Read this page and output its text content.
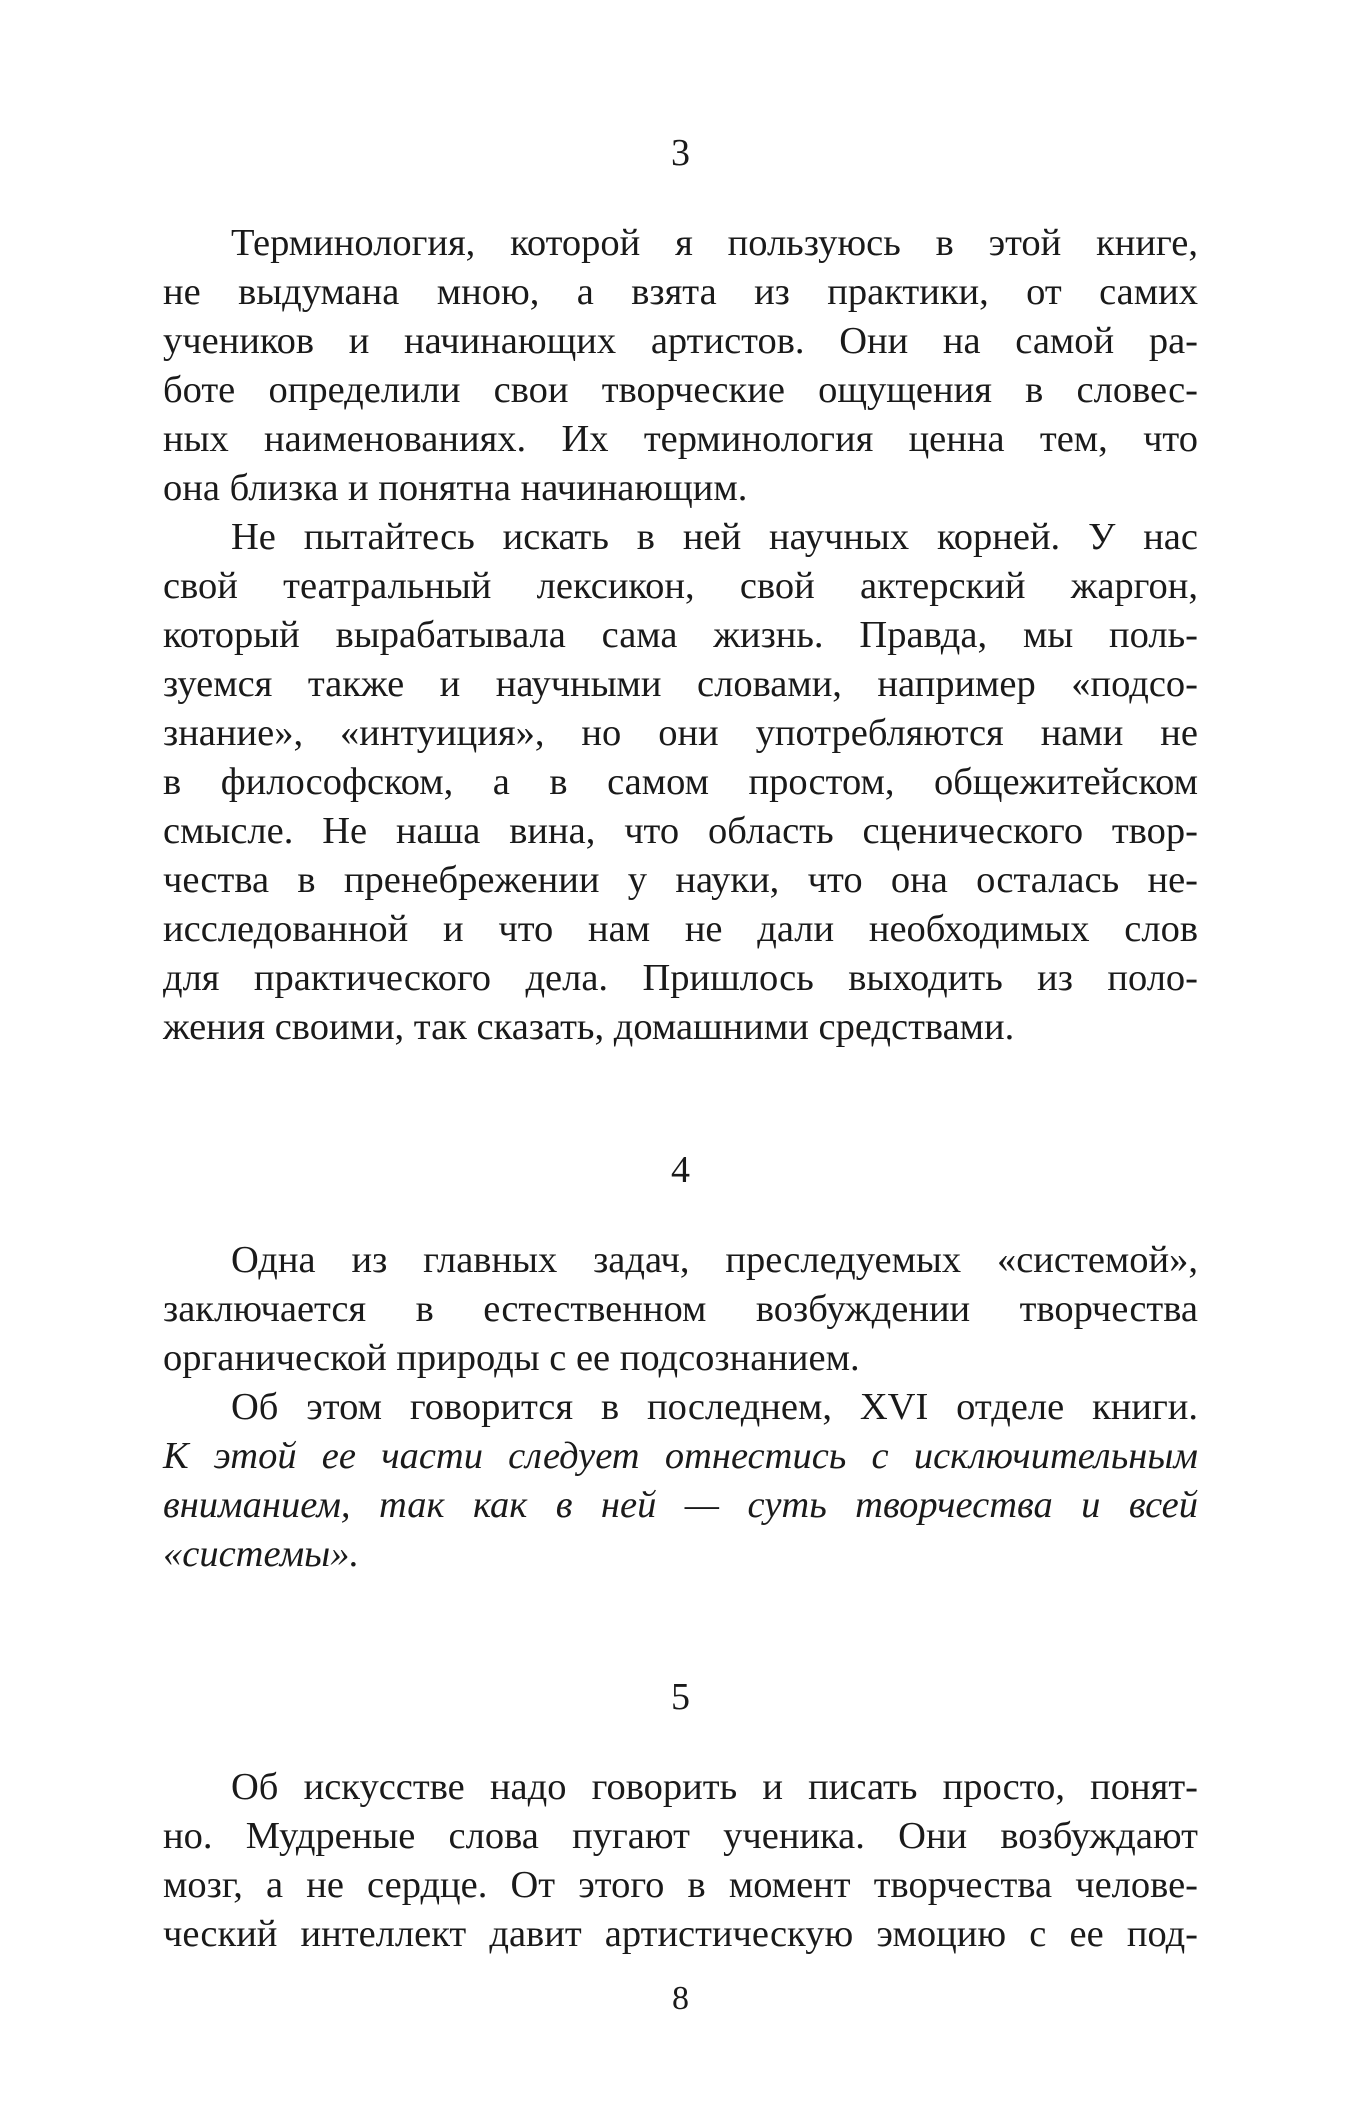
3
Терминология, которой я пользуюсь в этой книге,
не выдумана мною, а взята из практики, от самих
учеников и начинающих артистов. Они на самой ра-
боте определили свои творческие ощущения в словес-
ных наименованиях. Их терминология ценна тем, что
она близка и понятна начинающим.
Не пытайтесь искать в ней научных корней. У нас
свой театральный лексикон, свой актерский жаргон,
который вырабатывала сама жизнь. Правда, мы поль-
зуемся также и научными словами, например «подсо-
знание», «интуиция», но они употребляются нами не
в философском, а в самом простом, общежитейском
смысле. Не наша вина, что область сценического твор-
чества в пренебрежении у науки, что она осталась не-
исследованной и что нам не дали необходимых слов
для практического дела. Пришлось выходить из поло-
жения своими, так сказать, домашними средствами.
4
Одна из главных задач, преследуемых «системой»,
заключается в естественном возбуждении творчества
органической природы с ее подсознанием.
Об этом говорится в последнем, XVI отделе книги.
К этой ее части следует отнестись с исключительным
вниманием, так как в ней — суть творчества и всей
«системы».
5
Об искусстве надо говорить и писать просто, понят-
но. Мудреные слова пугают ученика. Они возбуждают
мозг, а не сердце. От этого в момент творчества челове-
ческий интеллект давит артистическую эмоцию с ее под-
8
